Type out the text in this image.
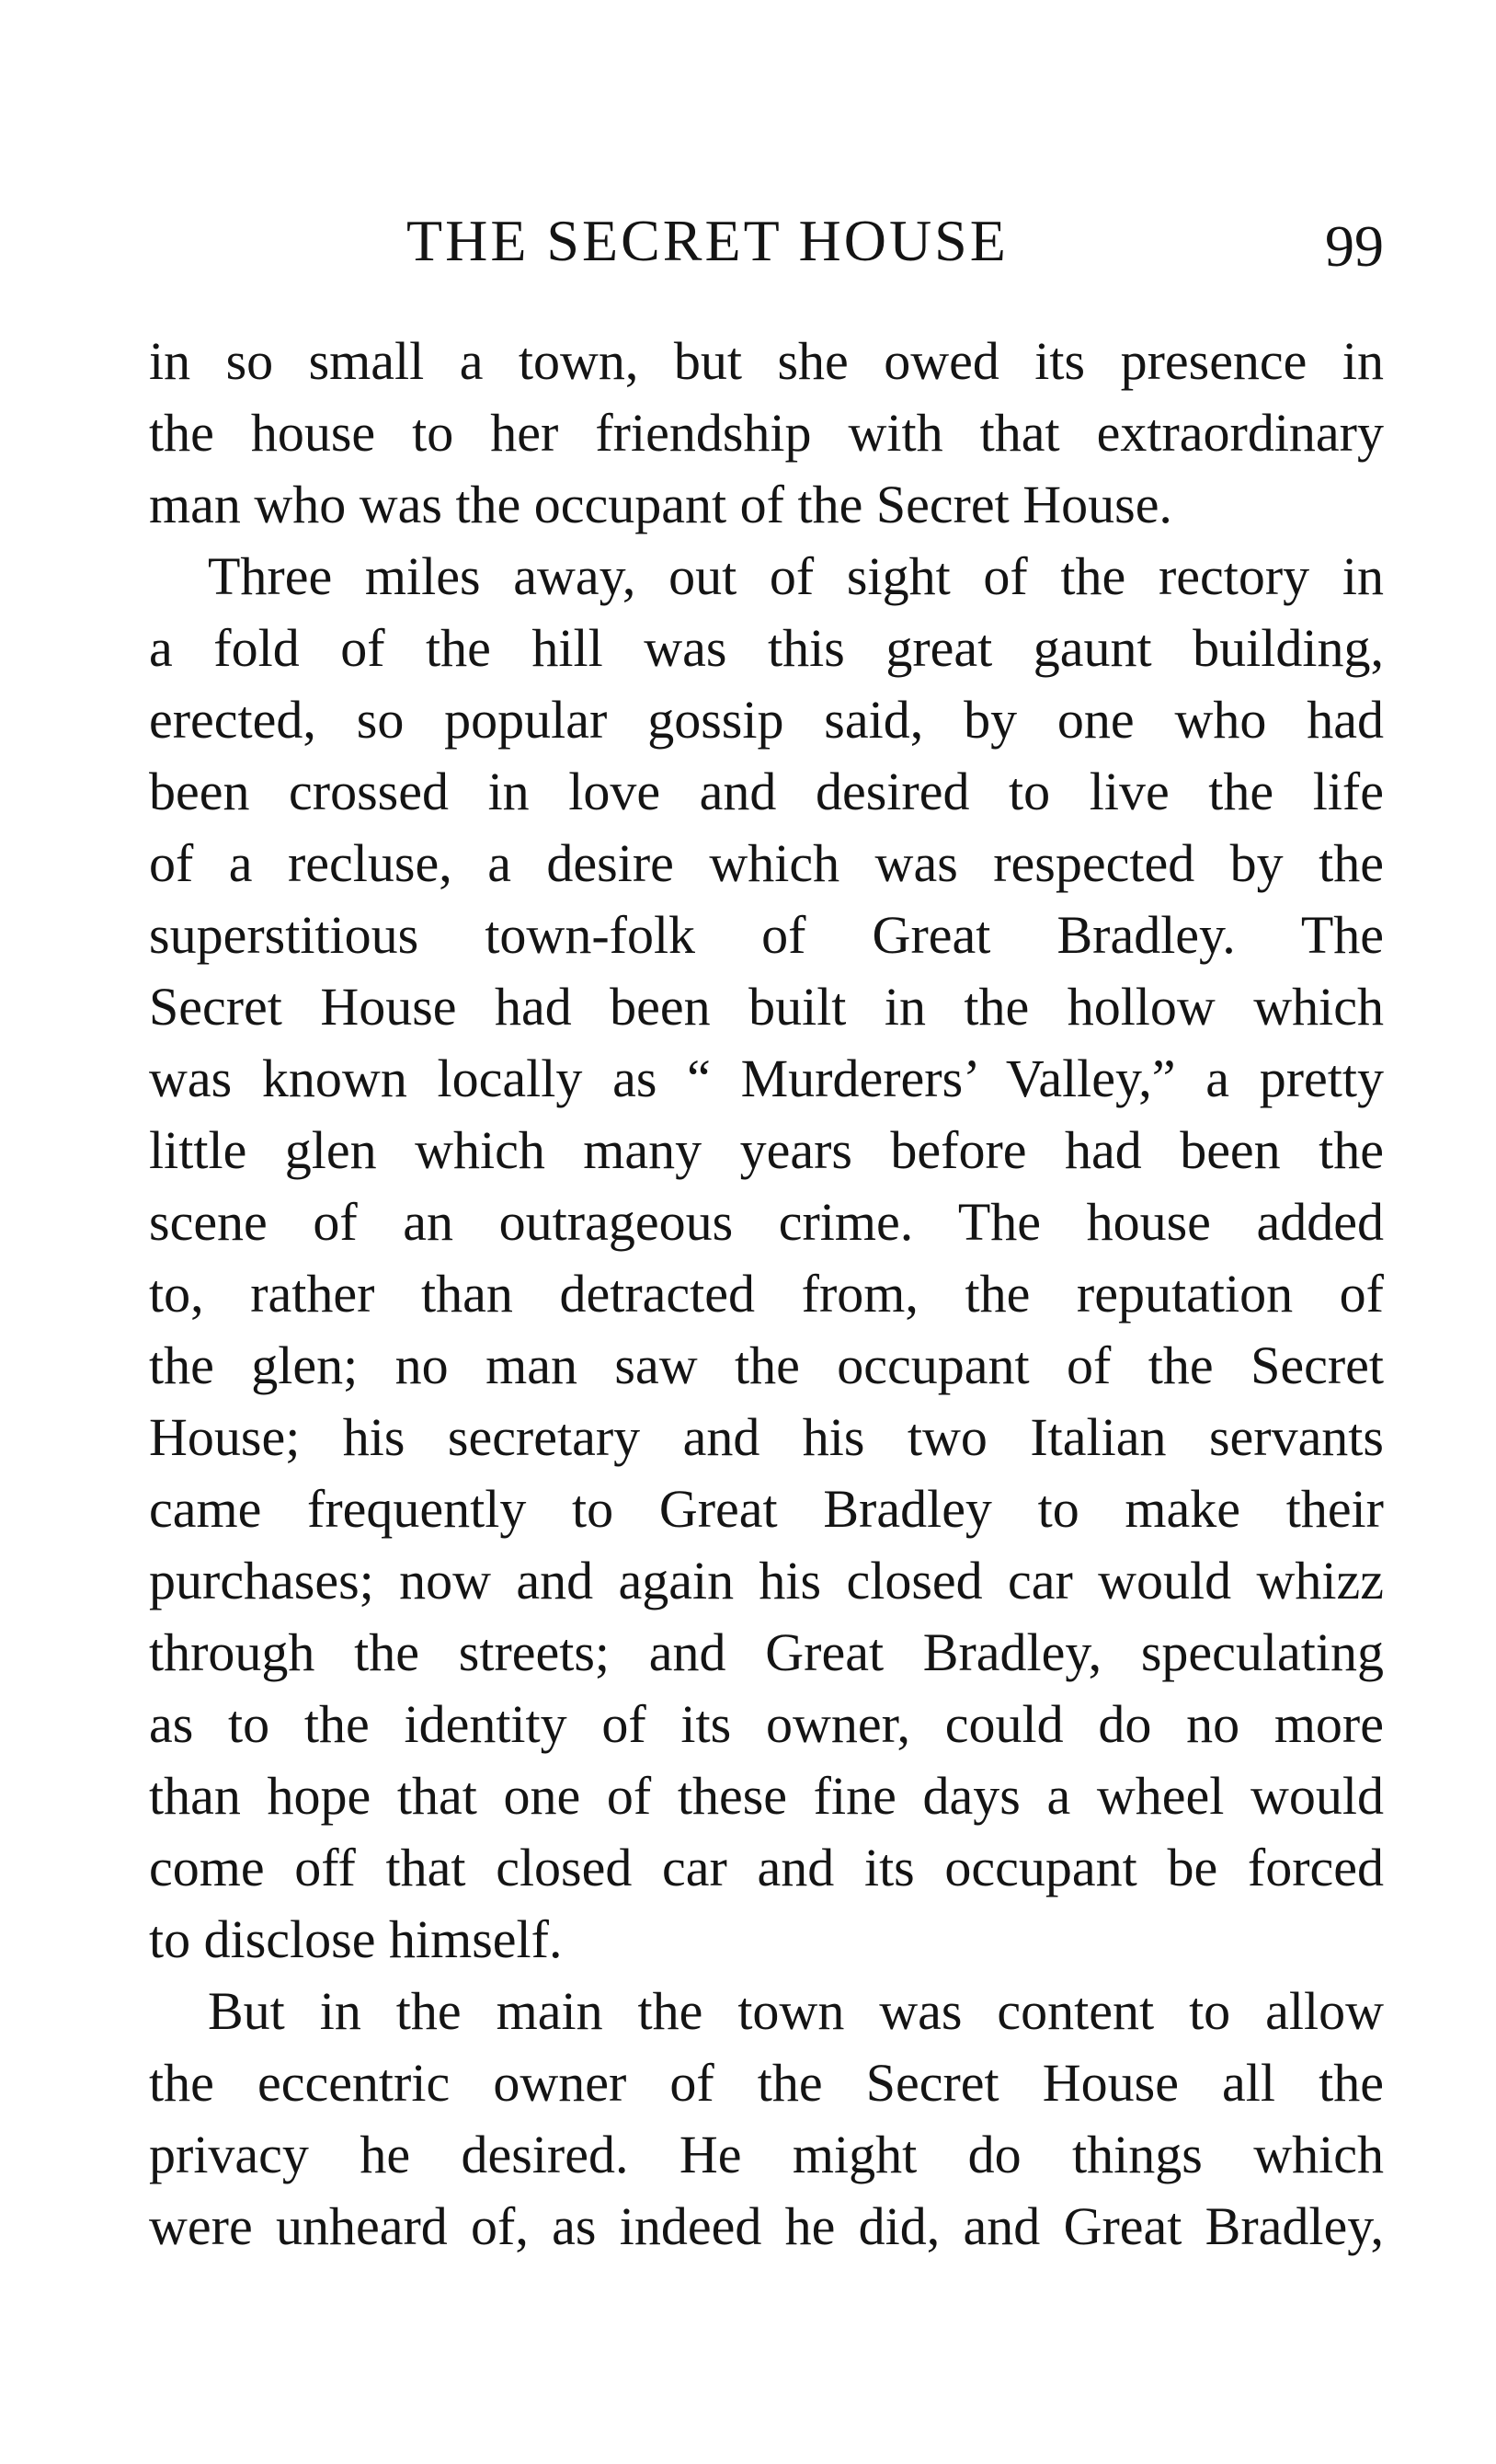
THE SECRET HOUSE	99
in so small a town, but she owed its presence in
the house to her friendship with that extraordinary
man who was the occupant of the Secret House.
Three miles away, out of sight of the rectory in
a fold of the hill was this great gaunt building,
erected, so popular gossip said, by one who had
been crossed in love and desired to live the life
of a recluse, a desire which was respected by the
superstitious town-folk of Great Bradley. The
Secret House had been built in the hollow which
was known locally as “ Murderers’ Valley,” a pretty
little glen which many years before had been the
scene of an outrageous crime. The house added
to, rather than detracted from, the reputation of
the glen; no man saw the occupant of the Secret
House; his secretary and his two Italian servants
came frequently to Great Bradley to make their
purchases; now and again his closed car would whizz
through the streets; and Great Bradley, speculating
as to the identity of its owner, could do no more
than hope that one of these fine days a wheel would
come off that closed car and its occupant be forced
to disclose himself.
But in the main the town was content to allow
the eccentric owner of the Secret House all the
privacy he desired. He might do things which
were unheard of, as indeed he did, and Great Bradley,
